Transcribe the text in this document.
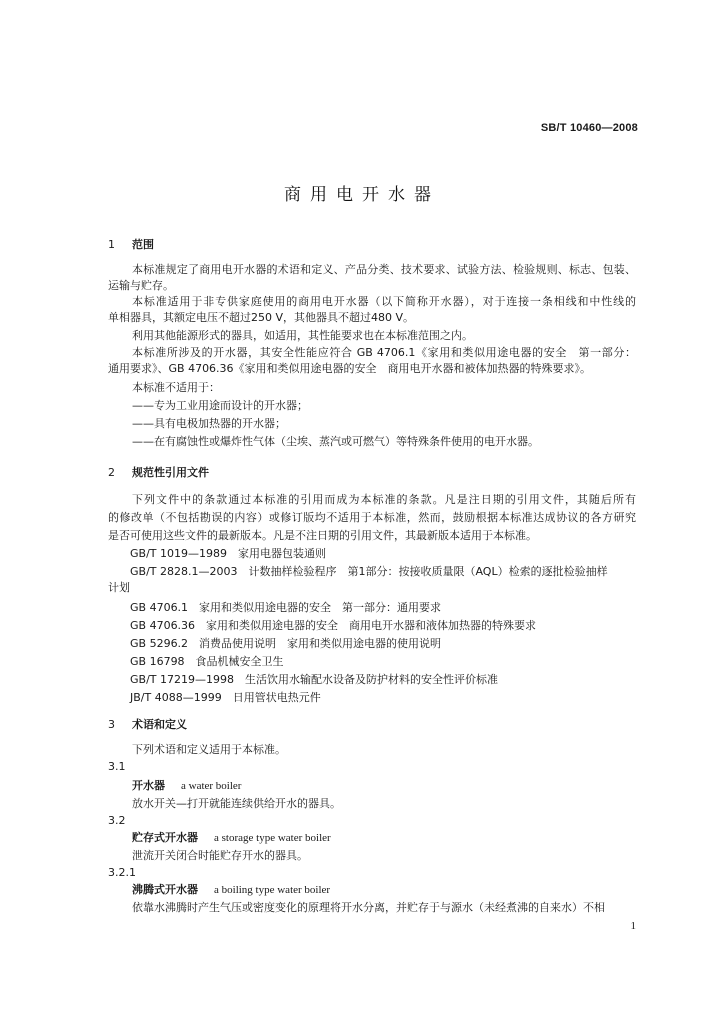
SB/T 10460—2008
商用电开水器
1 范围
本标准规定了商用电开水器的术语和定义、产品分类、技术要求、试验方法、检验规则、标志、包装、
运输与贮存。
本标准适用于非专供家庭使用的商用电开水器（以下简称开水器），对于连接一条相线和中性线的
单相器具，其额定电压不超过250 V，其他器具不超过480 V。
利用其他能源形式的器具，如适用，其性能要求也在本标准范围之内。
本标准所涉及的开水器，其安全性能应符合 GB 4706.1《家用和类似用途电器的安全　第一部分：
通用要求》、GB 4706.36《家用和类似用途电器的安全　商用电开水器和被体加热器的特殊要求》。
本标准不适用于：
——专为工业用途而设计的开水器；
——具有电极加热器的开水器；
——在有腐蚀性或爆炸性气体（尘埃、蒸汽或可燃气）等特殊条件使用的电开水器。
2 规范性引用文件
下列文件中的条款通过本标准的引用而成为本标准的条款。凡是注日期的引用文件，其随后所有
的修改单（不包括勘误的内容）或修订版均不适用于本标准，然而，鼓励根据本标准达成协议的各方研究
是否可使用这些文件的最新版本。凡是不注日期的引用文件，其最新版本适用于本标准。
GB/T 1019—1989　家用电器包装通则
GB/T 2828.1—2003　计数抽样检验程序　第1部分：按接收质量限（AQL）检索的逐批检验抽样
计划
GB 4706.1　家用和类似用途电器的安全　第一部分：通用要求
GB 4706.36　家用和类似用途电器的安全　商用电开水器和液体加热器的特殊要求
GB 5296.2　消费品使用说明　家用和类似用途电器的使用说明
GB 16798　食品机械安全卫生
GB/T 17219—1998　生活饮用水输配水设备及防护材料的安全性评价标准
JB/T 4088—1999　日用管状电热元件
3 术语和定义
下列术语和定义适用于本标准。
3.1
开水器 a water boiler
放水开关—打开就能连续供给开水的器具。
3.2
贮存式开水器 a storage type water boiler
泄流开关闭合时能贮存开水的器具。
3.2.1
沸腾式开水器 a boiling type water boiler
依靠水沸腾时产生气压或密度变化的原理将开水分离，并贮存于与源水（未经煮沸的自来水）不相
1
